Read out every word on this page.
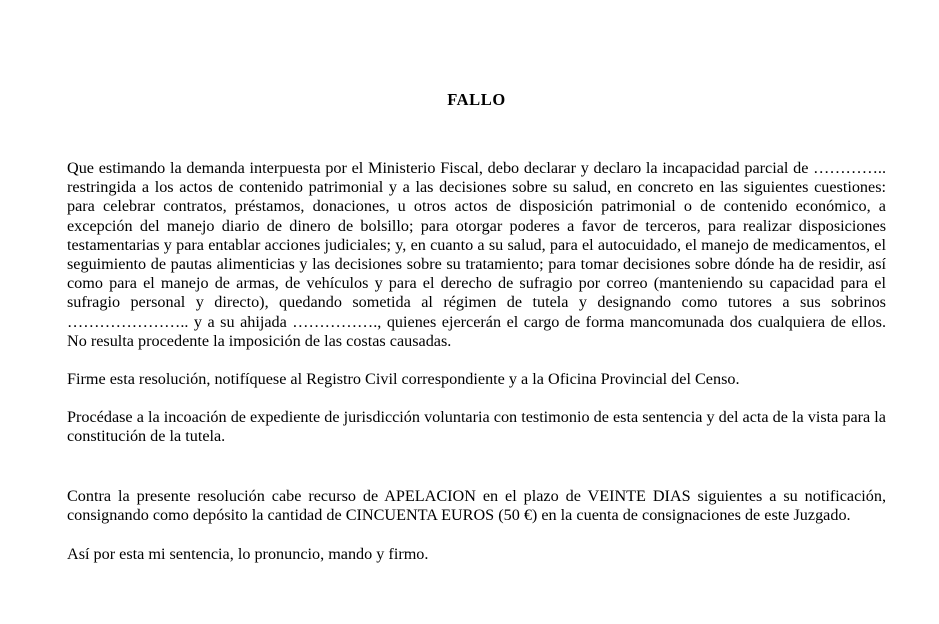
FALLO

Que estimando la demanda interpuesta por el Ministerio Fiscal, debo declarar y declaro la incapacidad parcial de ………….. restringida a los actos de contenido patrimonial y a las decisiones sobre su salud, en concreto en las siguientes cuestiones: para celebrar contratos, préstamos, donaciones, u otros actos de disposición patrimonial o de contenido económico, a excepción del manejo diario de dinero de bolsillo; para otorgar poderes a favor de terceros, para realizar disposiciones testamentarias y para entablar acciones judiciales; y, en cuanto a su salud, para el autocuidado, el manejo de medicamentos, el seguimiento de pautas alimenticias y las decisiones sobre su tratamiento; para tomar decisiones sobre dónde ha de residir, así como para el manejo de armas, de vehículos y para el derecho de sufragio por correo (manteniendo su capacidad para el sufragio personal y directo), quedando sometida al régimen de tutela y designando como tutores a sus sobrinos ………………….. y a su ahijada ……………., quienes ejercerán el cargo de forma mancomunada dos cualquiera de ellos. No resulta procedente la imposición de las costas causadas.

Firme esta resolución, notifíquese al Registro Civil correspondiente y a la Oficina Provincial del Censo.

Procédase a la incoación de expediente de jurisdicción voluntaria con testimonio de esta sentencia y del acta de la vista para la constitución de la tutela.

Contra la presente resolución cabe recurso de APELACION en el plazo de VEINTE DIAS siguientes a su notificación, consignando como depósito la cantidad de CINCUENTA EUROS (50 €) en la cuenta de consignaciones de este Juzgado.

Así por esta mi sentencia, lo pronuncio, mando y firmo.
